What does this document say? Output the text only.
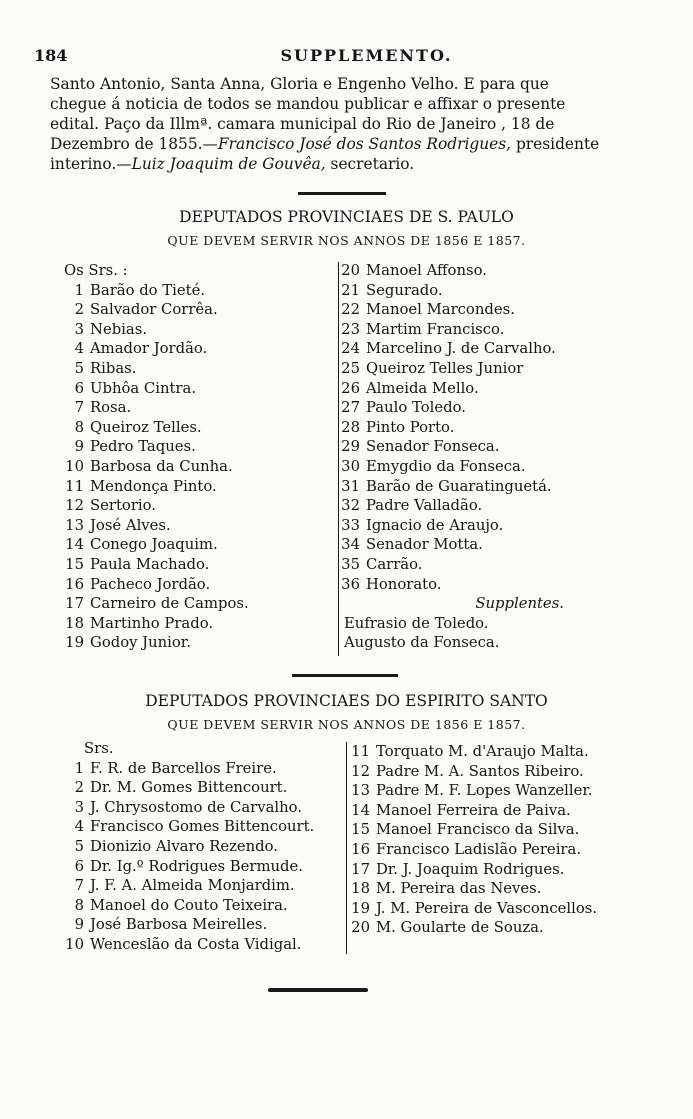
184	SUPPLEMENTO.
Santo Antonio, Santa Anna, Gloria e Engenho Velho. E para que
chegue á noticia de todos se mandou publicar e affixar o presente
edital. Paço da Illmª. camara municipal do Rio de Janeiro , 18 de
Dezembro de 1855.—Francisco José dos Santos Rodrigues, presidente
interino.—Luiz Joaquim de Gouvêa, secretario.
DEPUTADOS PROVINCIAES DE S. PAULO
QUE DEVEM SERVIR NOS ANNOS DE 1856 E 1857.
Os Srs. :
1 Barão do Tieté.
2 Salvador Corrêa.
3 Nebias.
4 Amador Jordão.
5 Ribas.
6 Ubhôa Cintra.
7 Rosa.
8 Queiroz Telles.
9 Pedro Taques.
10 Barbosa da Cunha.
11 Mendonça Pinto.
12 Sertorio.
13 José Alves.
14 Conego Joaquim.
15 Paula Machado.
16 Pacheco Jordão.
17 Carneiro de Campos.
18 Martinho Prado.
19 Godoy Junior.
20 Manoel Affonso.
21 Segurado.
22 Manoel Marcondes.
23 Martim Francisco.
24 Marcelino J. de Carvalho.
25 Queiroz Telles Junior
26 Almeida Mello.
27 Paulo Toledo.
28 Pinto Porto.
29 Senador Fonseca.
30 Emygdio da Fonseca.
31 Barão de Guaratinguetá.
32 Padre Valladão.
33 Ignacio de Araujo.
34 Senador Motta.
35 Carrão.
36 Honorato.
Supplentes.
Eufrasio de Toledo.
Augusto da Fonseca.
DEPUTADOS PROVINCIAES DO ESPIRITO SANTO
QUE DEVEM SERVIR NOS ANNOS DE 1856 E 1857.
Srs.
1 F. R. de Barcellos Freire.
2 Dr. M. Gomes Bittencourt.
3 J. Chrysostomo de Carvalho.
4 Francisco Gomes Bittencourt.
5 Dionizio Alvaro Rezendo.
6 Dr. Ig.º Rodrigues Bermude.
7 J. F. A. Almeida Monjardim.
8 Manoel do Couto Teixeira.
9 José Barbosa Meirelles.
10 Wenceslão da Costa Vidigal.
11 Torquato M. d'Araujo Malta.
12 Padre M. A. Santos Ribeiro.
13 Padre M. F. Lopes Wanzeller.
14 Manoel Ferreira de Paiva.
15 Manoel Francisco da Silva.
16 Francisco Ladislão Pereira.
17 Dr. J. Joaquim Rodrigues.
18 M. Pereira das Neves.
19 J. M. Pereira de Vasconcellos.
20 M. Goularte de Souza.
